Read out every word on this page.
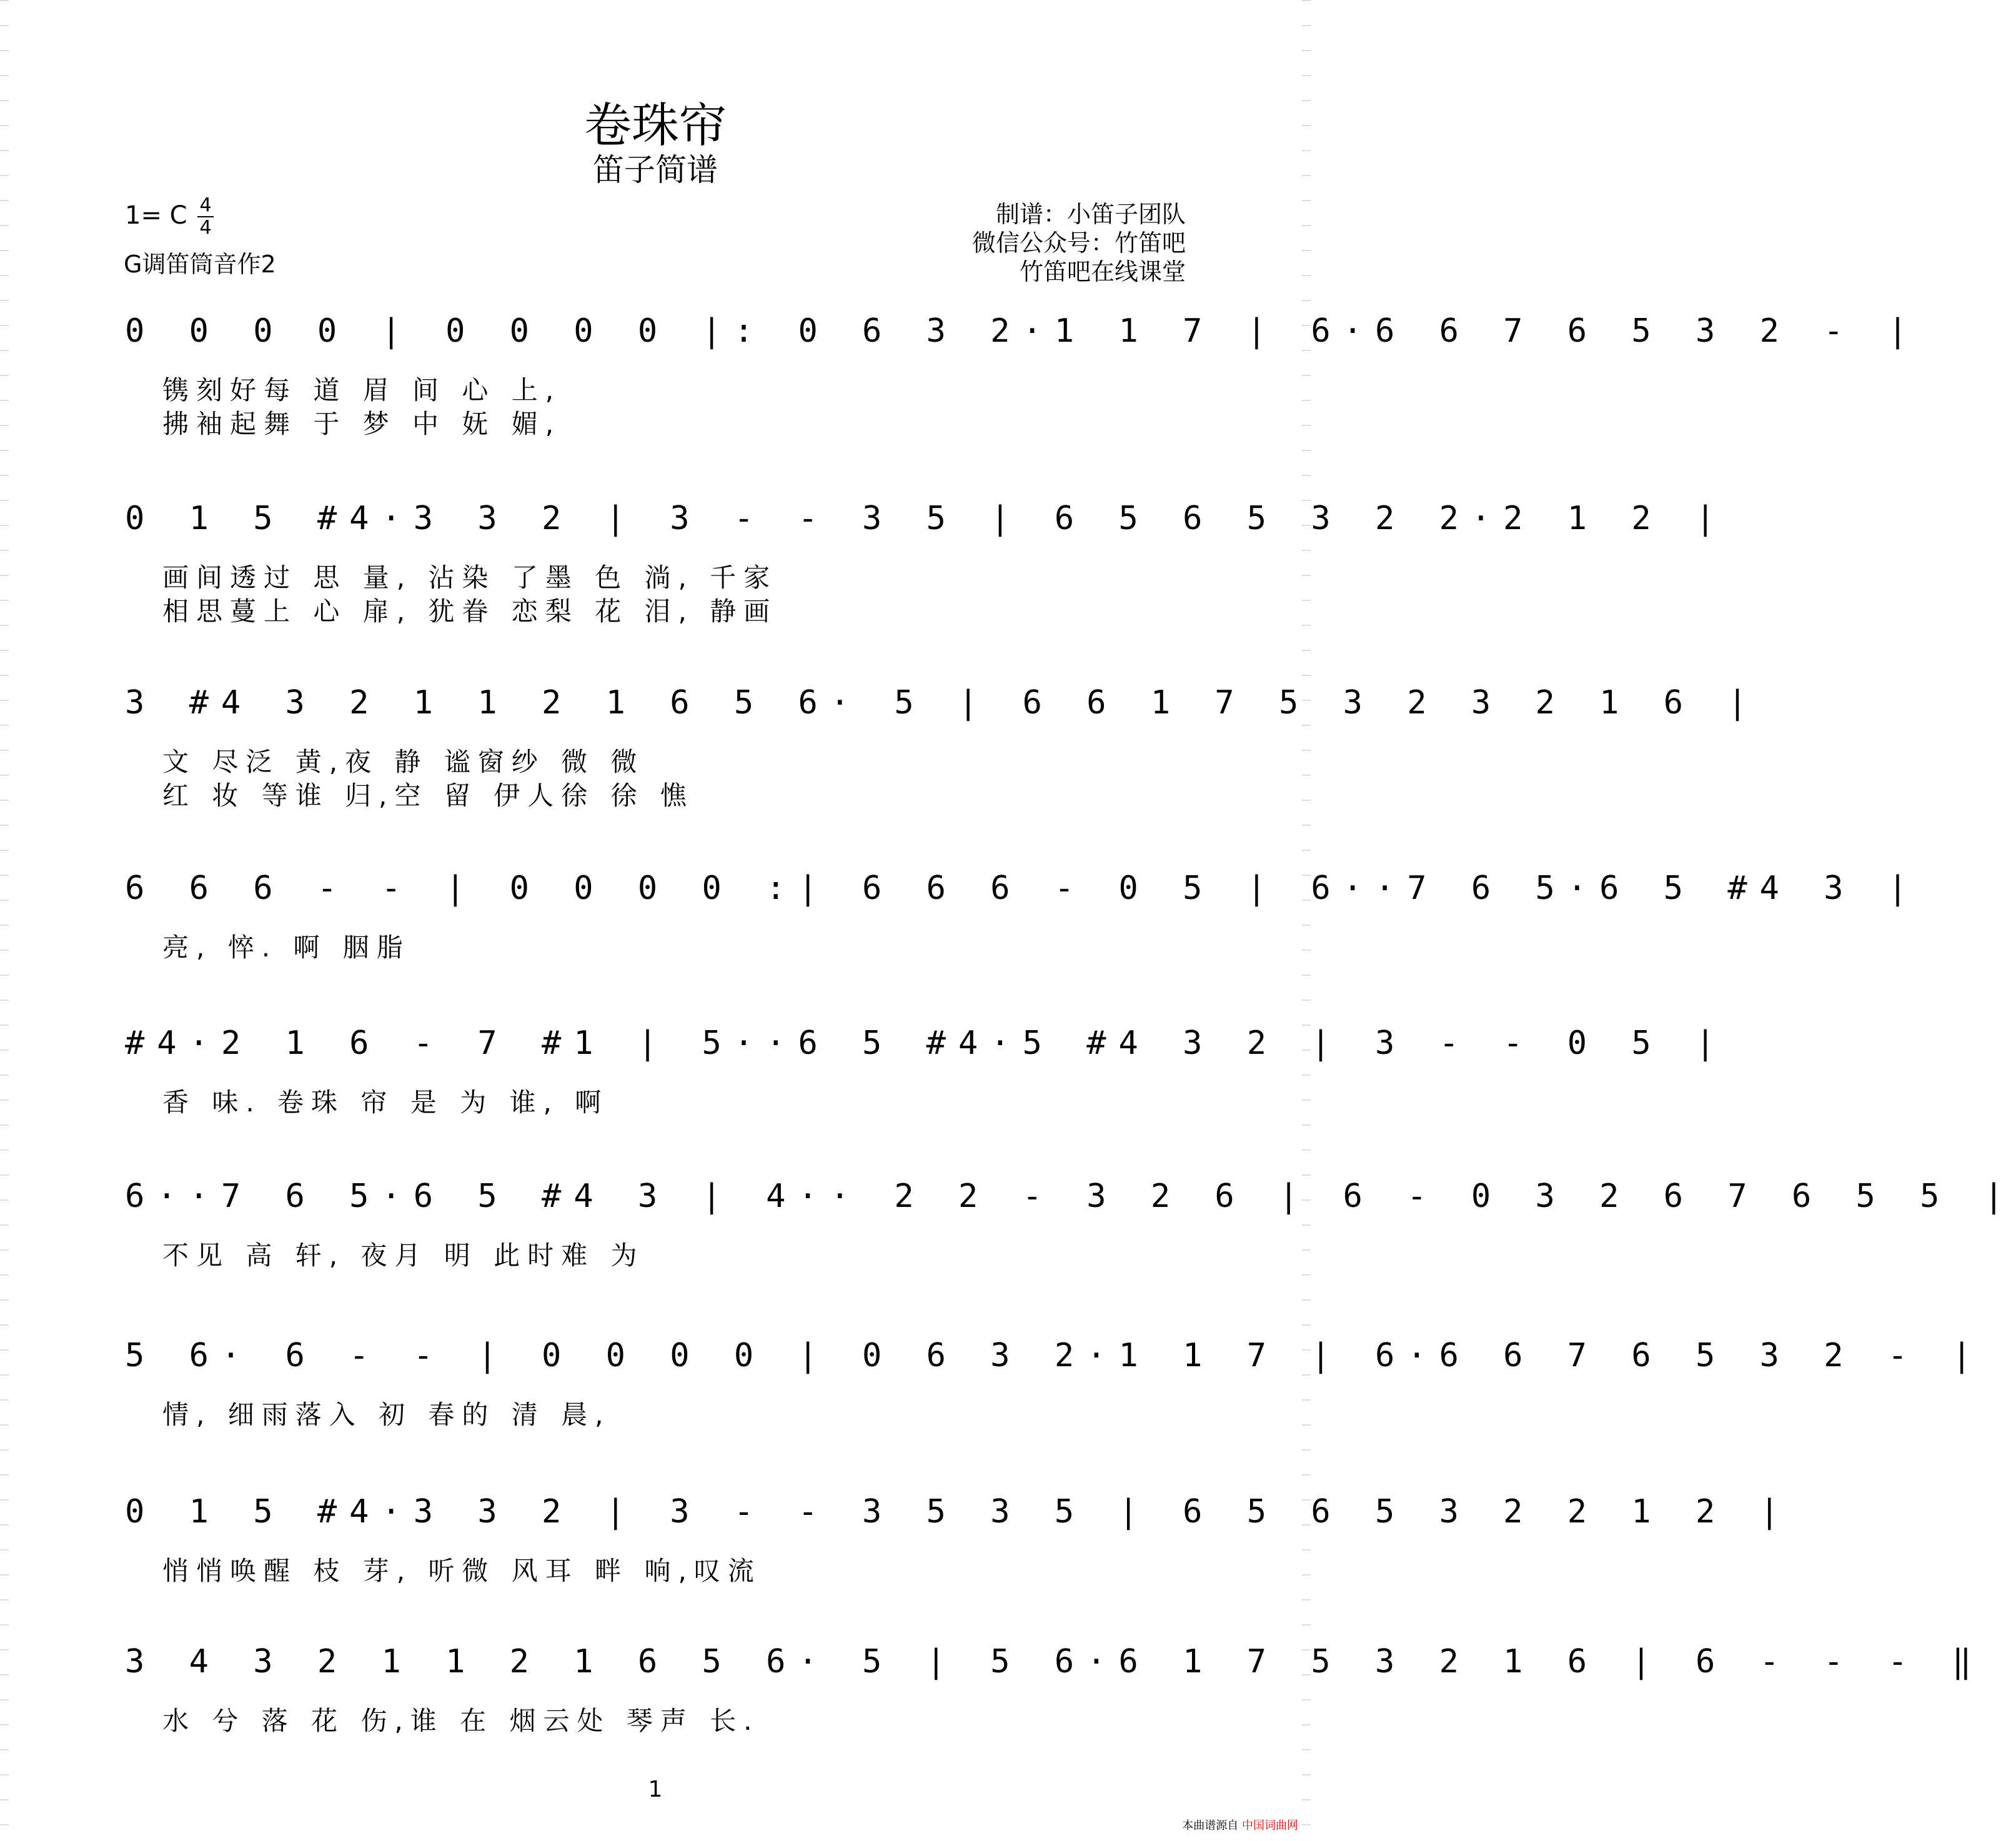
卷珠帘
笛子简谱
1= C 4
4
G调笛筒音作2
制谱：小笛子团队
微信公众号：竹笛吧
竹笛吧在线课堂
0 0 0 0 | 0 0 0 0 |: 0 6 3 2·1 1 7 | 6·6 6 7 6 5 3 2 - |
镌刻好每 道 眉 间 心 上,
拂袖起舞 于 梦 中 妩 媚,
0 1 5 #4·3 3 2 | 3 - - 3 5 | 6 5 6 5 3 2 2·2 1 2 |
画间透过 思 量, 沾染 了墨 色 淌, 千家
相思蔓上 心 扉, 犹眷 恋梨 花 泪, 静画
3 #4 3 2 1 1 2 1 6 5 6· 5 | 6 6 1 7 5 3 2 3 2 1 6 |
文 尽泛 黄,夜 静 谧窗纱 微 微
红 妆 等谁 归,空 留 伊人徐 徐 憔
6 6 6 - - | 0 0 0 0 :| 6 6 6 - 0 5 | 6··7 6 5·6 5 #4 3 |
亮, 悴. 啊 胭脂
#4·2 1 6 - 7 #1 | 5··6 5 #4·5 #4 3 2 | 3 - - 0 5 |
香 味. 卷珠 帘 是 为 谁, 啊
6··7 6 5·6 5 #4 3 | 4·· 2 2 - 3 2 6 | 6 - 0 3 2 6 7 6 5 5 |
不见 高 轩, 夜月 明 此时难 为
5 6· 6 - - | 0 0 0 0 | 0 6 3 2·1 1 7 | 6·6 6 7 6 5 3 2 - |
情, 细雨落入 初 春的 清 晨,
0 1 5 #4·3 3 2 | 3 - - 3 5 3 5 | 6 5 6 5 3 2 2 1 2 |
悄悄唤醒 枝 芽, 听微 风耳 畔 响,叹流
3 4 3 2 1 1 2 1 6 5 6· 5 | 5 6·6 1 7 5 3 2 1 6 | 6 - - - ‖
水 兮 落 花 伤,谁 在 烟云处 琴声 长.
1
本曲谱源自 中国词曲网
